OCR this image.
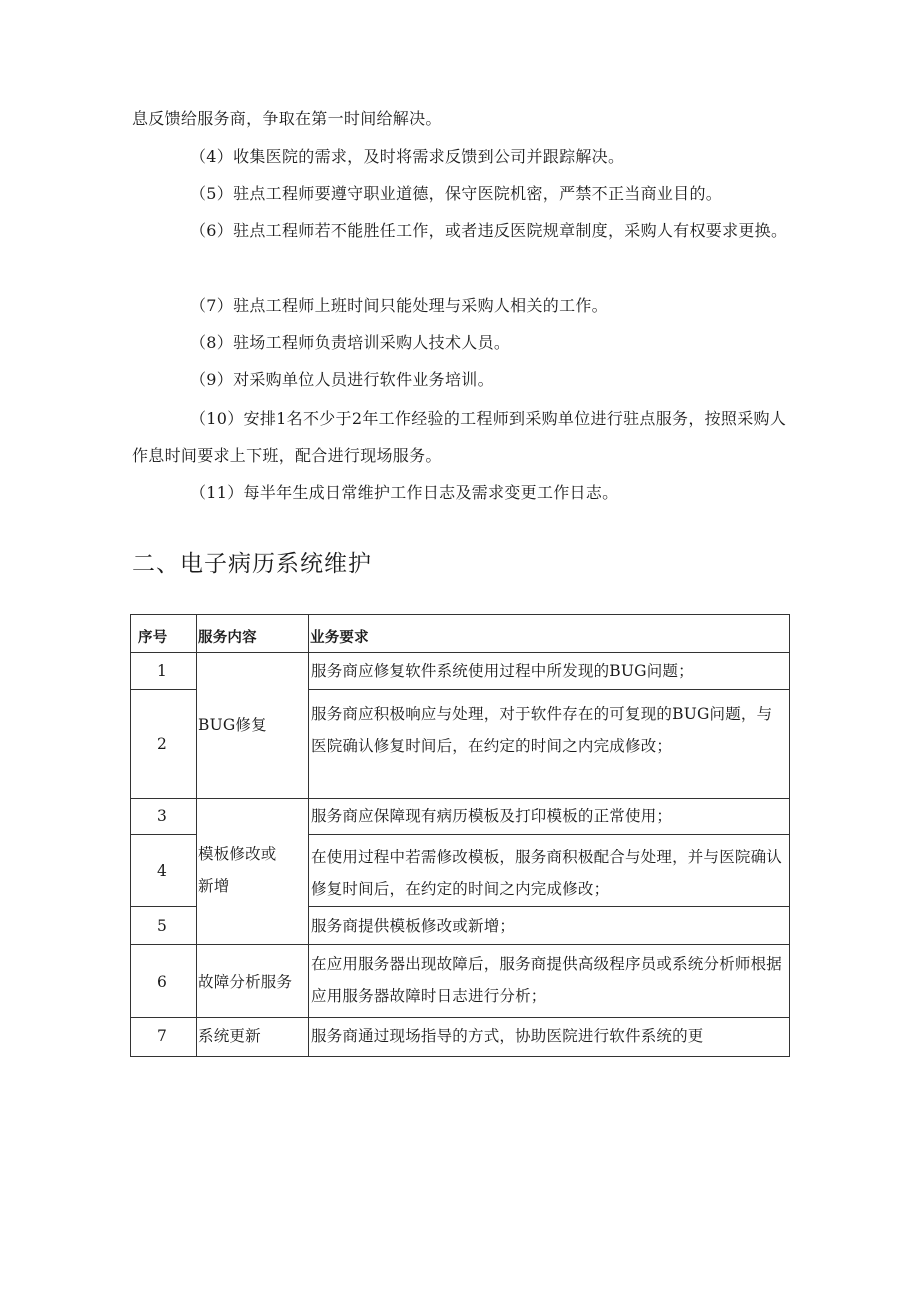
息反馈给服务商，争取在第一时间给解决。

（4）收集医院的需求，及时将需求反馈到公司并跟踪解决。

（5）驻点工程师要遵守职业道德，保守医院机密，严禁不正当商业目的。

（6）驻点工程师若不能胜任工作，或者违反医院规章制度，采购人有权要求更换。

（7）驻点工程师上班时间只能处理与采购人相关的工作。

（8）驻场工程师负责培训采购人技术人员。

（9）对采购单位人员进行软件业务培训。

（10）安排1名不少于2年工作经验的工程师到采购单位进行驻点服务，按照采购人作息时间要求上下班，配合进行现场服务。

（11）每半年生成日常维护工作日志及需求变更工作日志。

二、电子病历系统维护
序号 服务内容	业务要求
1
2
3
4
5
6
7
BUG修复
模板修改或新增
故障分析服务
系统更新
服务商应修复软件系统使用过程中所发现的BUG问题；
服务商应积极响应与处理，对于软件存在的可复现的BUG问题，与医院确认修复时间后，在约定的时间之内完成修改；
服务商应保障现有病历模板及打印模板的正常使用；
在使用过程中若需修改模板，服务商积极配合与处理，并与医院确认修复时间后，在约定的时间之内完成修改；
服务商提供模板修改或新增；
在应用服务器出现故障后，服务商提供高级程序员或系统分析师根据应用服务器故障时日志进行分析；
服务商通过现场指导的方式，协助医院进行软件系统的更
